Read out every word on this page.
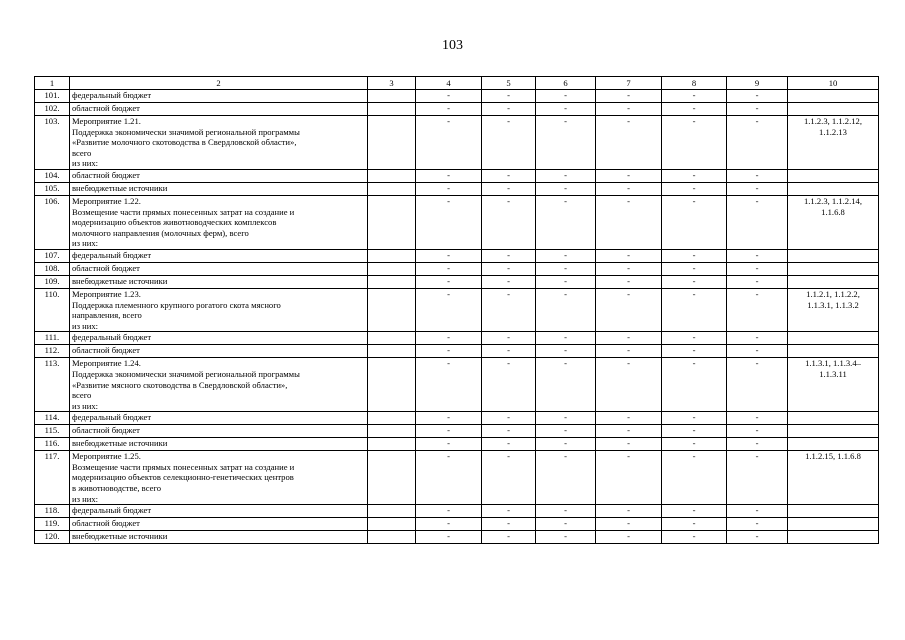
103
1	2	3	4	5	6	7	8	9	10
101.	федеральный бюджет		-	-	-	-	-	-	
102.	областной бюджет		-	-	-	-	-	-	
103.	Мероприятие 1.21.
Поддержка экономически значимой региональной программы
«Развитие молочного скотоводства в Свердловской области»,
всего
из них:		-	-	-	-	-	-	1.1.2.3, 1.1.2.12,
1.1.2.13

104.	областной бюджет		-	-	-	-	-	-	
105.	внебюджетные источники		-	-	-	-	-	-	
106.	Мероприятие 1.22.
Возмещение части прямых понесенных затрат на создание и
модернизацию объектов животноводческих комплексов
молочного направления (молочных ферм), всего
из них:		-	-	-	-	-	-	1.1.2.3, 1.1.2.14,
1.1.6.8

107.	федеральный бюджет		-	-	-	-	-	-	
108.	областной бюджет		-	-	-	-	-	-	
109.	внебюджетные источники		-	-	-	-	-	-	
110.	Мероприятие 1.23.
Поддержка племенного крупного рогатого скота мясного
направления, всего
из них:		-	-	-	-	-	-	1.1.2.1, 1.1.2.2,
1.1.3.1, 1.1.3.2

111.	федеральный бюджет		-	-	-	-	-	-	
112.	областной бюджет		-	-	-	-	-	-	
113.	Мероприятие 1.24.
Поддержка экономически значимой региональной программы
«Развитие мясного скотоводства в Свердловской области»,
всего
из них:		-	-	-	-	-	-	1.1.3.1, 1.1.3.4–
1.1.3.11

114.	федеральный бюджет		-	-	-	-	-	-	
115.	областной бюджет		-	-	-	-	-	-	
116.	внебюджетные источники		-	-	-	-	-	-	
117.	Мероприятие 1.25.
Возмещение части прямых понесенных затрат на создание и
модернизацию объектов селекционно-генетических центров
в животноводстве, всего
из них:		-	-	-	-	-	-	1.1.2.15, 1.1.6.8

118.	федеральный бюджет		-	-	-	-	-	-	
119.	областной бюджет		-	-	-	-	-	-	
120.	внебюджетные источники		-	-	-	-	-	-	
